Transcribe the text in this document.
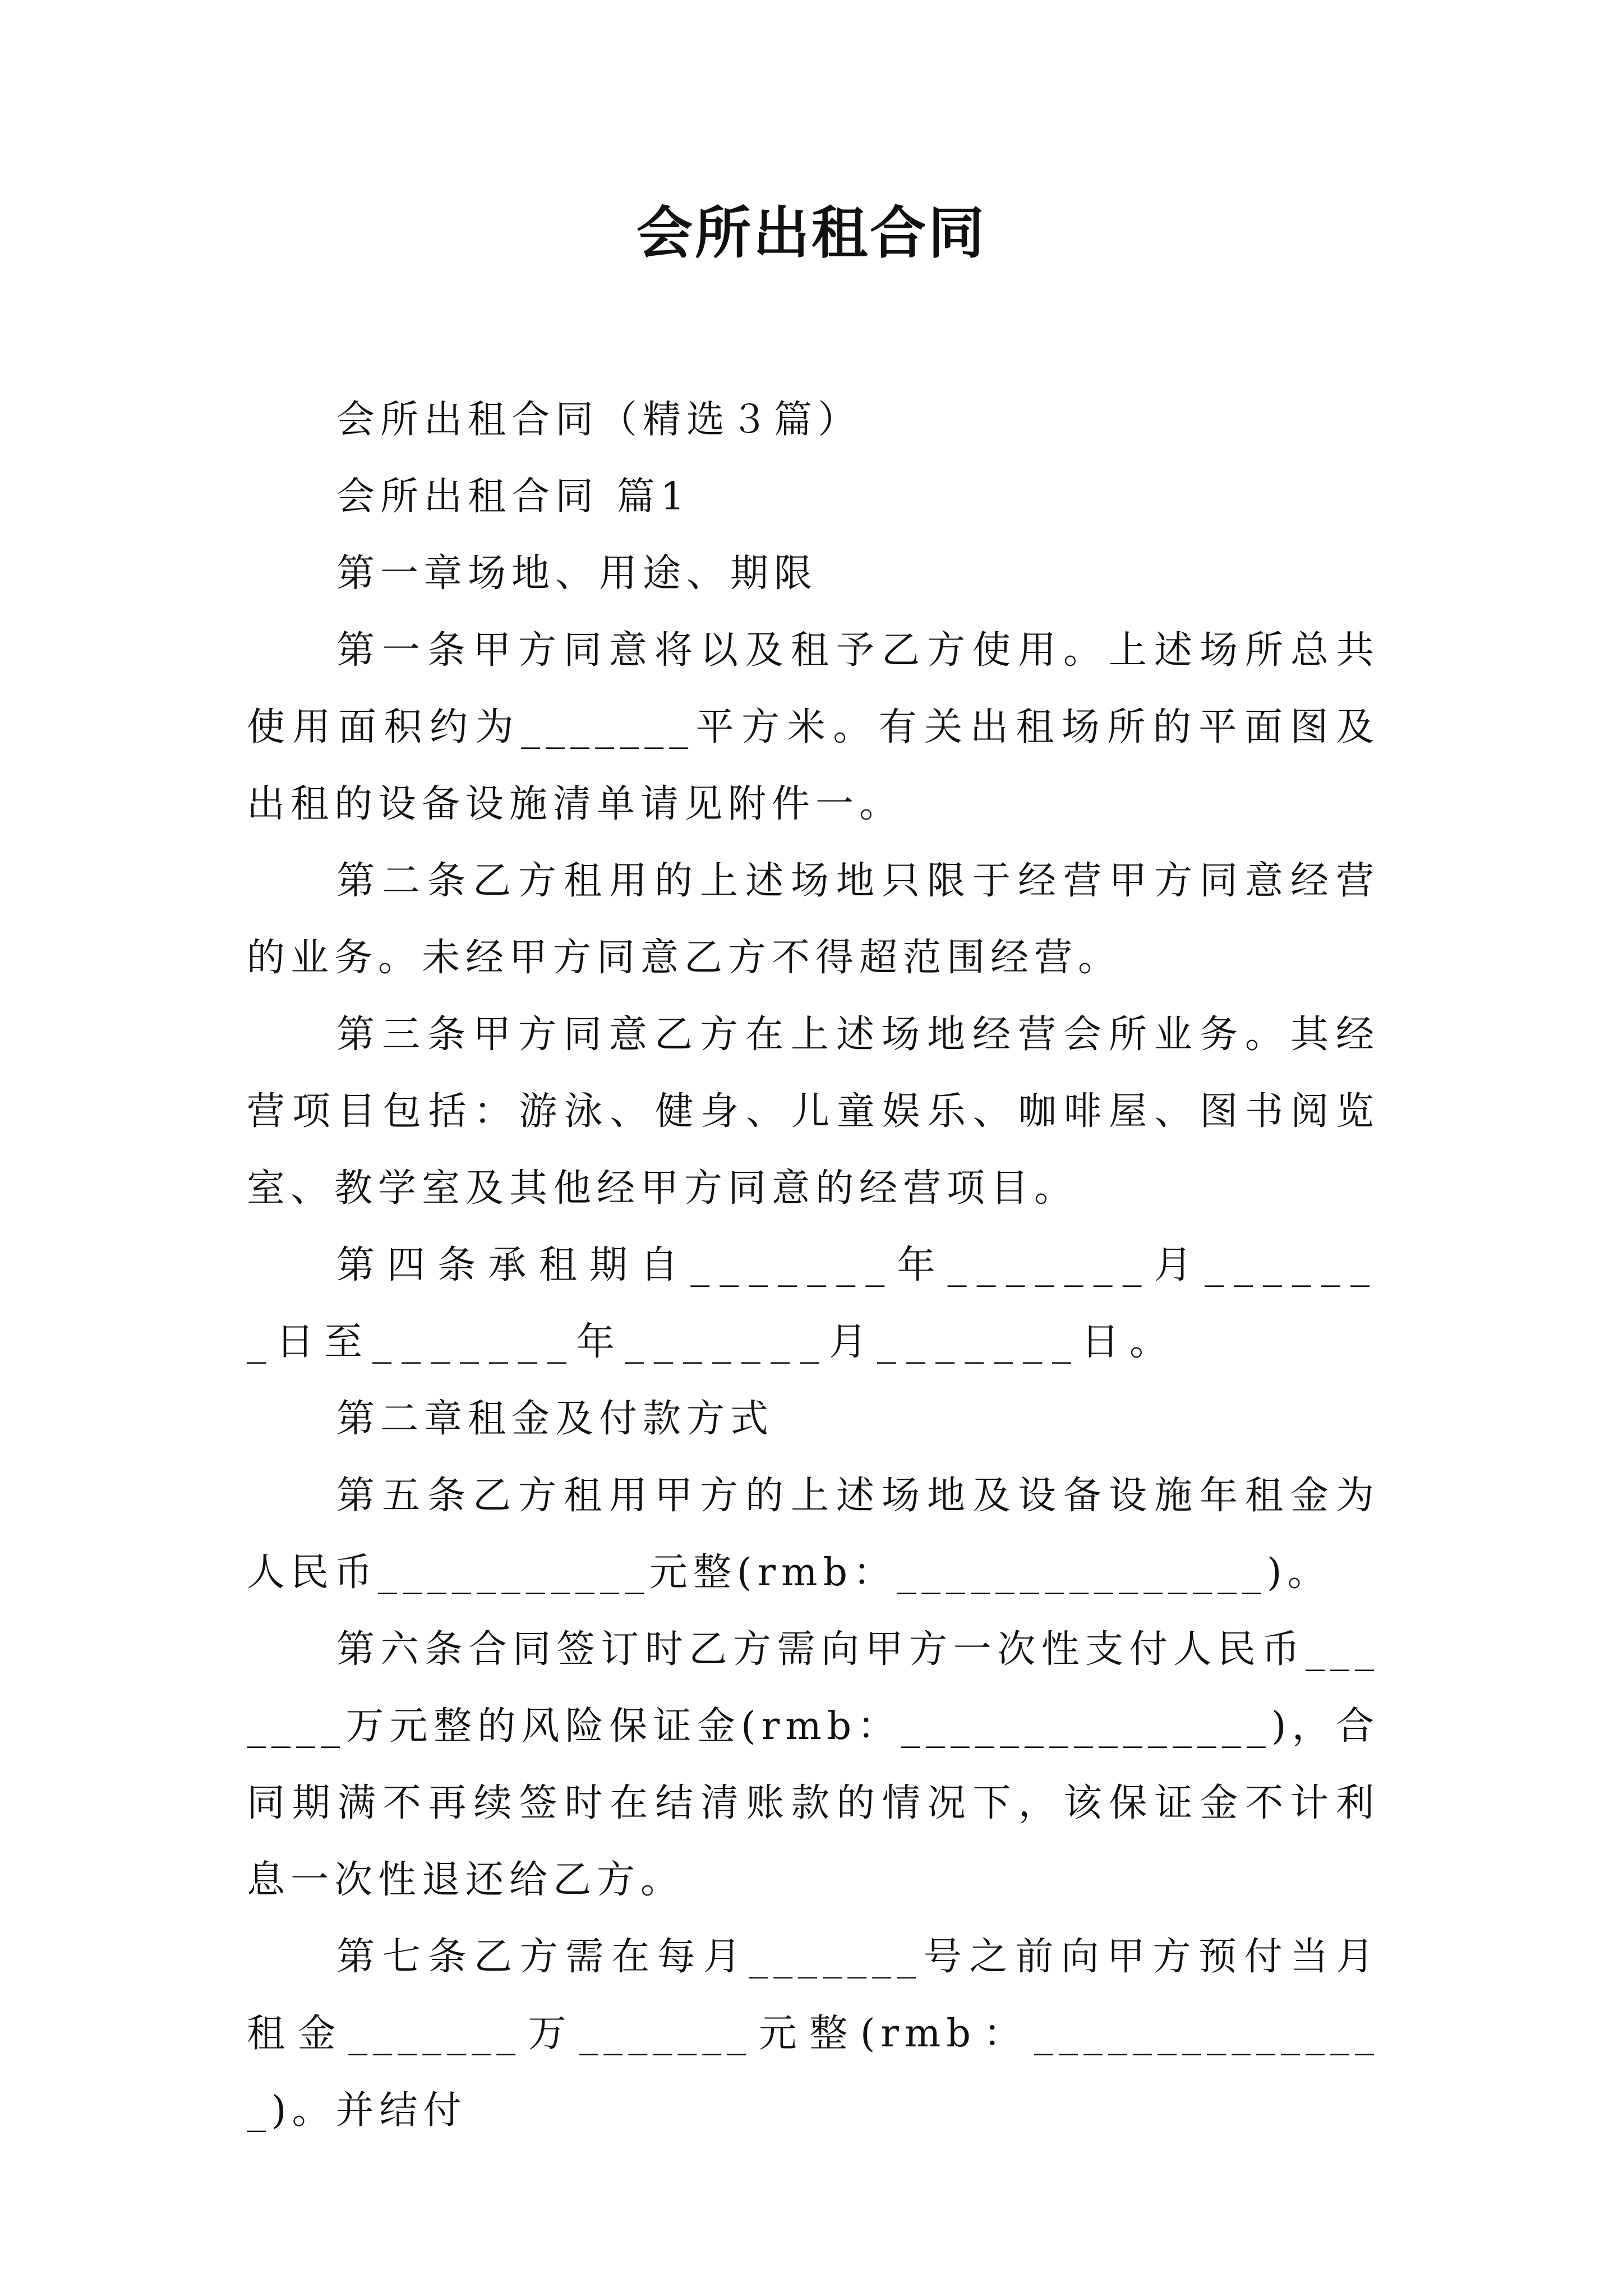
会所出租合同

会所出租合同（精选３篇）

会所出租合同 篇1

第一章场地、用途、期限

第一条甲方同意将以及租予乙方使用。上述场所总共使用面积约为_______平方米。有关出租场所的平面图及出租的设备设施清单请见附件一。

第二条乙方租用的上述场地只限于经营甲方同意经营的业务。未经甲方同意乙方不得超范围经营。

第三条甲方同意乙方在上述场地经营会所业务。其经营项目包括：游泳、健身、儿童娱乐、咖啡屋、图书阅览室、教学室及其他经甲方同意的经营项目。

第四条承租期自_______年_______月_______日至_______年_______月_______日。

第二章租金及付款方式

第五条乙方租用甲方的上述场地及设备设施年租金为人民币___________元整(rmb：_______________)。

第六条合同签订时乙方需向甲方一次性支付人民币_______万元整的风险保证金(rmb：_______________)，合同期满不再续签时在结清账款的情况下，该保证金不计利息一次性退还给乙方。

第七条乙方需在每月_______号之前向甲方预付当月租金_______万_______元整(rmb：_______________)。并结付
